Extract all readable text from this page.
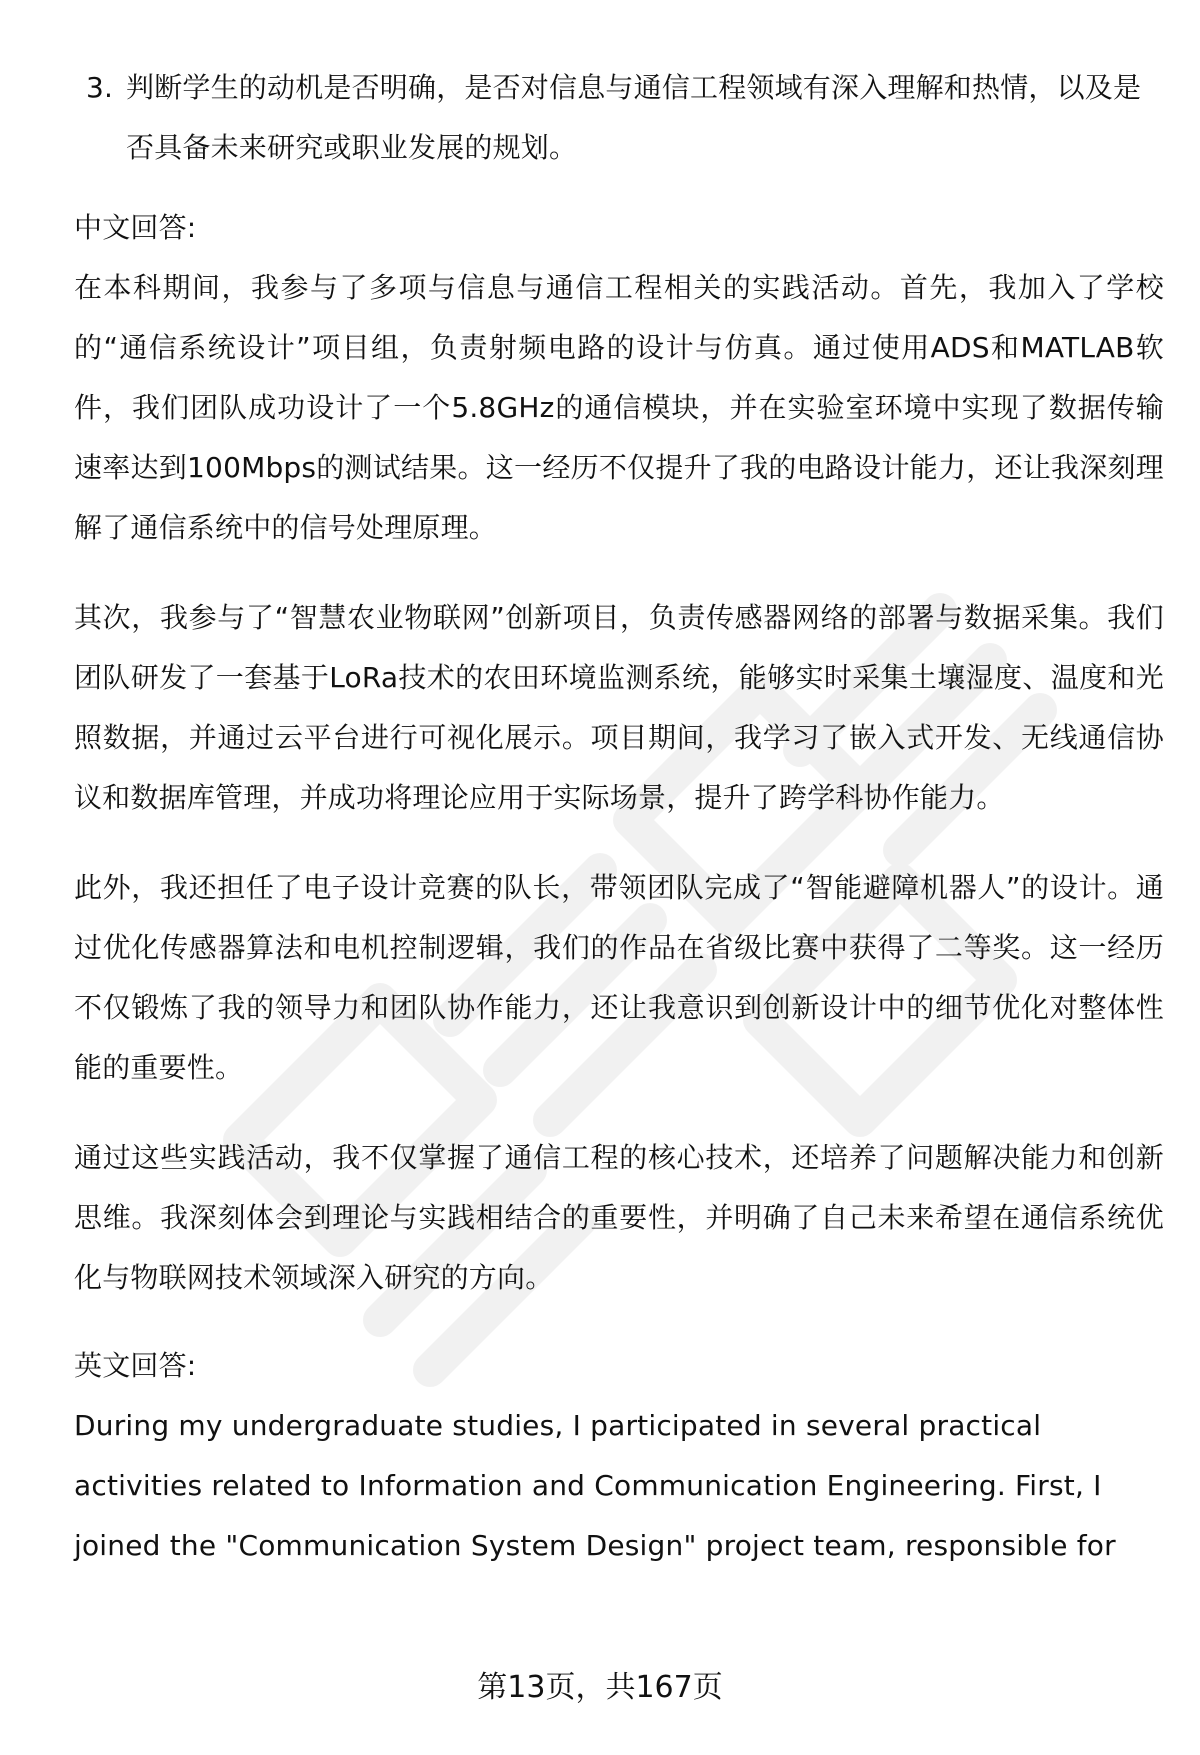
3. 判断学生的动机是否明确，是否对信息与通信工程领域有深入理解和热情，以及是否具备未来研究或职业发展的规划。

中文回答:

在本科期间，我参与了多项与信息与通信工程相关的实践活动。首先，我加入了学校的“通信系统设计”项目组，负责射频电路的设计与仿真。通过使用ADS和MATLAB软件，我们团队成功设计了一个5.8GHz的通信模块，并在实验室环境中实现了数据传输速率达到100Mbps的测试结果。这一经历不仅提升了我的电路设计能力，还让我深刻理解了通信系统中的信号处理原理。

其次，我参与了“智慧农业物联网”创新项目，负责传感器网络的部署与数据采集。我们团队研发了一套基于LoRa技术的农田环境监测系统，能够实时采集土壤湿度、温度和光照数据，并通过云平台进行可视化展示。项目期间，我学习了嵌入式开发、无线通信协议和数据库管理，并成功将理论应用于实际场景，提升了跨学科协作能力。

此外，我还担任了电子设计竞赛的队长，带领团队完成了“智能避障机器人”的设计。通过优化传感器算法和电机控制逻辑，我们的作品在省级比赛中获得了二等奖。这一经历不仅锻炼了我的领导力和团队协作能力，还让我意识到创新设计中的细节优化对整体性能的重要性。

通过这些实践活动，我不仅掌握了通信工程的核心技术，还培养了问题解决能力和创新思维。我深刻体会到理论与实践相结合的重要性，并明确了自己未来希望在通信系统优化与物联网技术领域深入研究的方向。

英文回答:

During my undergraduate studies, I participated in several practical

activities related to Information and Communication Engineering. First, I

joined the "Communication System Design" project team, responsible for

第13页，共167页
